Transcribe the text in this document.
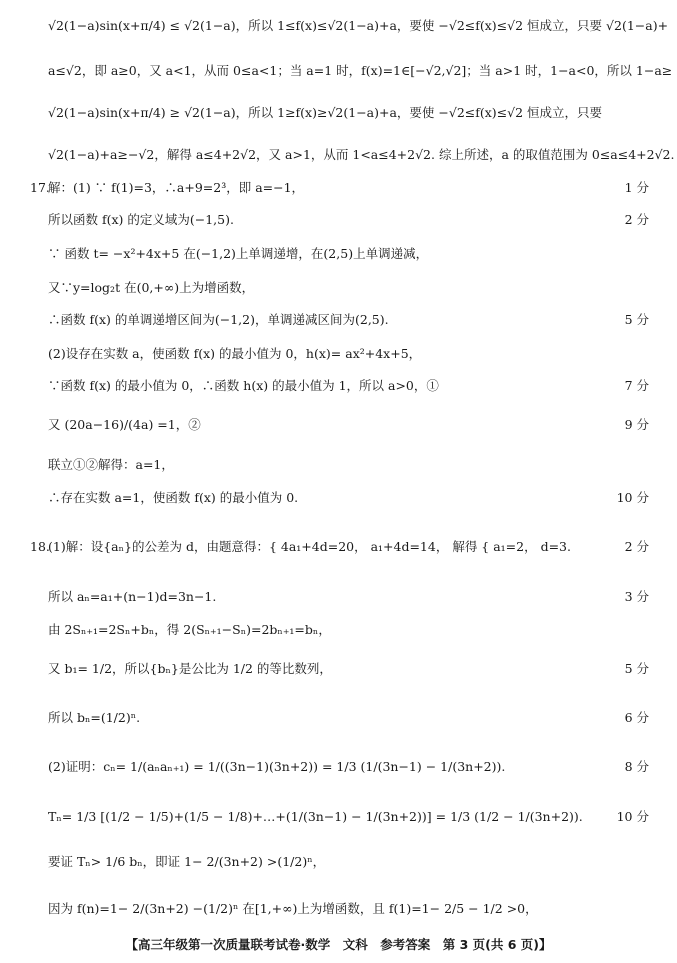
√2(1−a)sin(x+π/4) ≤ √2(1−a)，所以 1≤f(x)≤√2(1−a)+a，要使 −√2≤f(x)≤√2 恒成立，只要 √2(1−a)+
a≤√2，即 a≥0，又 a<1，从而 0≤a<1；当 a=1 时，f(x)=1∈[−√2,√2]；当 a>1 时，1−a<0，所以 1−a≥
√2(1−a)sin(x+π/4) ≥ √2(1−a)，所以 1≥f(x)≥√2(1−a)+a，要使 −√2≤f(x)≤√2 恒成立，只要
√2(1−a)+a≥−√2，解得 a≤4+2√2，又 a>1，从而 1<a≤4+2√2. 综上所述，a 的取值范围为 0≤a≤4+2√2.
17.
解：(1) ∵ f(1)=3，∴a+9=2³，即 a=−1，	1 分
所以函数 f(x) 的定义域为(−1,5).	2 分
∵ 函数 t= −x²+4x+5 在(−1,2)上单调递增，在(2,5)上单调递减，
又∵y=log₂t 在(0,+∞)上为增函数，
∴函数 f(x) 的单调递增区间为(−1,2)，单调递减区间为(2,5).	5 分
(2)设存在实数 a，使函数 f(x) 的最小值为 0，h(x)= ax²+4x+5，
∵函数 f(x) 的最小值为 0，∴函数 h(x) 的最小值为 1，所以 a>0，①	7 分
又 (20a−16)/(4a) =1，②	9 分
联立①②解得：a=1，
∴存在实数 a=1，使函数 f(x) 的最小值为 0.	10 分
18.
(1)解：设{aₙ}的公差为 d，由题意得：{ 4a₁+4d=20， a₁+4d=14， 解得 { a₁=2， d=3.	2 分
所以 aₙ=a₁+(n−1)d=3n−1.	3 分
由 2Sₙ₊₁=2Sₙ+bₙ，得 2(Sₙ₊₁−Sₙ)=2bₙ₊₁=bₙ，
又 b₁= 1/2，所以{bₙ}是公比为 1/2 的等比数列，	5 分
所以 bₙ=(1/2)ⁿ.	6 分
(2)证明：cₙ= 1/(aₙaₙ₊₁) = 1/((3n−1)(3n+2)) = 1/3 (1/(3n−1) − 1/(3n+2)).	8 分
Tₙ= 1/3 [(1/2 − 1/5)+(1/5 − 1/8)+…+(1/(3n−1) − 1/(3n+2))] = 1/3 (1/2 − 1/(3n+2)).	10 分
要证 Tₙ> 1/6 bₙ，即证 1− 2/(3n+2) >(1/2)ⁿ，
因为 f(n)=1− 2/(3n+2) −(1/2)ⁿ 在[1,+∞)上为增函数，且 f(1)=1− 2/5 − 1/2 >0，
【高三年级第一次质量联考试卷·数学　文科　参考答案　第 3 页(共 6 页)】
